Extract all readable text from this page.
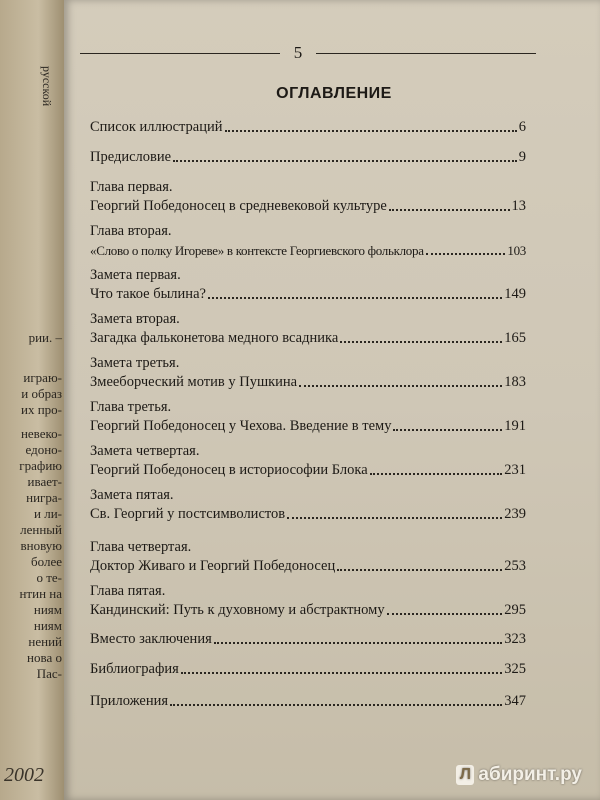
русской
рии. –
играю-
и образ
их про-
невеко-
едоно-
графию
ивает-
нигра-
и ли-
ленный
вновую
более
о те-
нтин на
ниям
ниям
нений
нова о
Пас-
2002
5
ОГЛАВЛЕНИЕ
Список иллюстраций	6
Предисловие	9
Глава первая.
Георгий Победоносец в средневековой культуре	13
Глава вторая.
«Слово о полку Игореве» в контексте Георгиевского фольклора	103
Замета первая.
Что такое былина?	149
Замета вторая.
Загадка фальконетова медного всадника	165
Замета третья.
Змееборческий мотив у Пушкина	183
Глава третья.
Георгий Победоносец у Чехова. Введение в тему	191
Замета четвертая.
Георгий Победоносец в историософии Блока	231
Замета пятая.
Св. Георгий у постсимволистов	239
Глава четвертая.
Доктор Живаго и Георгий Победоносец	253
Глава пятая.
Кандинский: Путь к духовному и абстрактному	295
Вместо заключения	323
Библиография	325
Приложения	347
Л абиринт.ру
